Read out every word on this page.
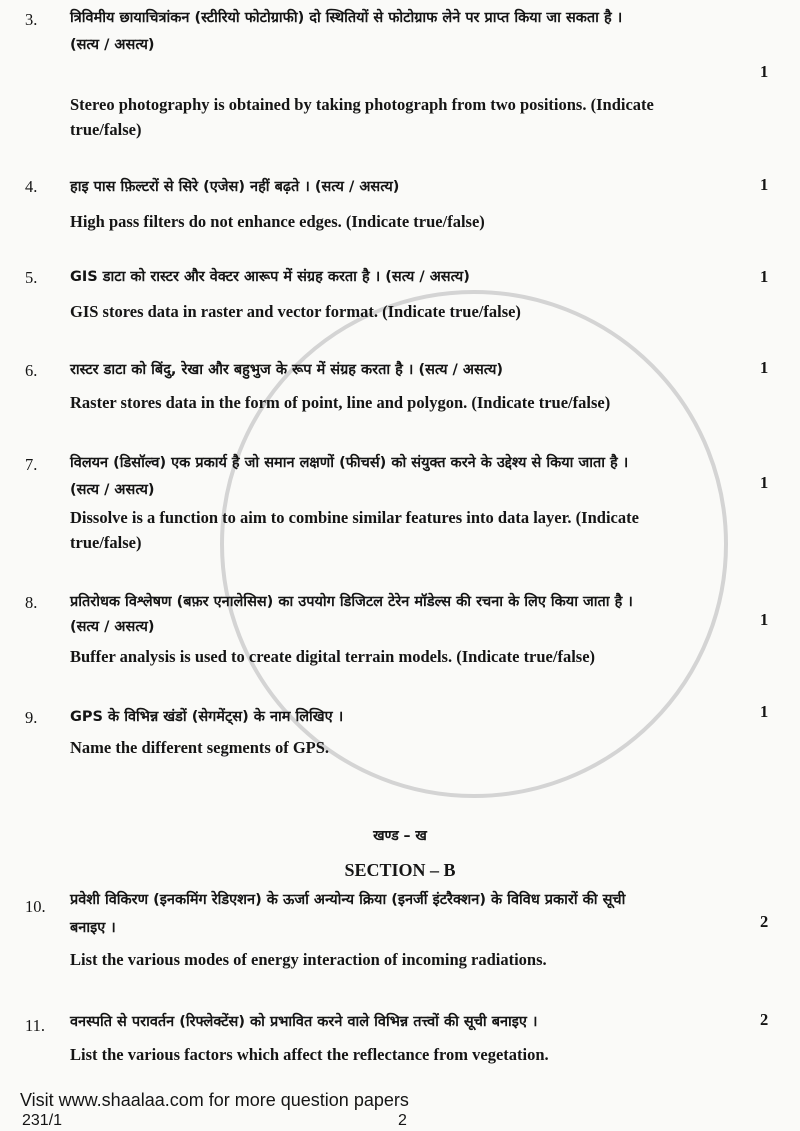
3. त्रिविमीय छायाचित्रांकन (स्टीरियो फोटोग्राफी) दो स्थितियों से फोटोग्राफ लेने पर प्राप्त किया जा सकता है ।
(सत्य / असत्य)
Stereo photography is obtained by taking photograph from two positions. (Indicate
true/false)
1
4. हाइ पास फ़िल्टरों से सिरे (एजेस) नहीं बढ़ते । (सत्य / असत्य)
High pass filters do not enhance edges. (Indicate true/false)
1
5. GIS डाटा को रास्टर और वेक्टर आरूप में संग्रह करता है । (सत्य / असत्य)
GIS stores data in raster and vector format. (Indicate true/false)
1
6. रास्टर डाटा को बिंदु, रेखा और बहुभुज के रूप में संग्रह करता है । (सत्य / असत्य)
Raster stores data in the form of point, line and polygon. (Indicate true/false)
1
7. विलयन (डिसॉल्व) एक प्रकार्य है जो समान लक्षणों (फीचर्स) को संयुक्त करने के उद्देश्य से किया जाता है ।
(सत्य / असत्य)
Dissolve is a function to aim to combine similar features into data layer. (Indicate
true/false)
1
8. प्रतिरोधक विश्लेषण (बफ़र एनालेसिस) का उपयोग डिजिटल टेरेन मॉडेल्स की रचना के लिए किया जाता है ।
(सत्य / असत्य)
Buffer analysis is used to create digital terrain models. (Indicate true/false)
1
9. GPS के विभिन्न खंडों (सेगमेंट्स) के नाम लिखिए ।
Name the different segments of GPS.
1
10. प्रवेशी विकिरण (इनकमिंग रेडिएशन) के ऊर्जा अन्योन्य क्रिया (इनर्जी इंटरैक्शन) के विविध प्रकारों की सूची
बनाइए ।
List the various modes of energy interaction of incoming radiations.
2
11. वनस्पति से परावर्तन (रिफ्लेक्टेंस) को प्रभावित करने वाले विभिन्न तत्त्वों की सूची बनाइए ।
List the various factors which affect the reflectance from vegetation.
2
खण्ड – ख
SECTION – B
Visit www.shaalaa.com for more question papers
231/1	2
